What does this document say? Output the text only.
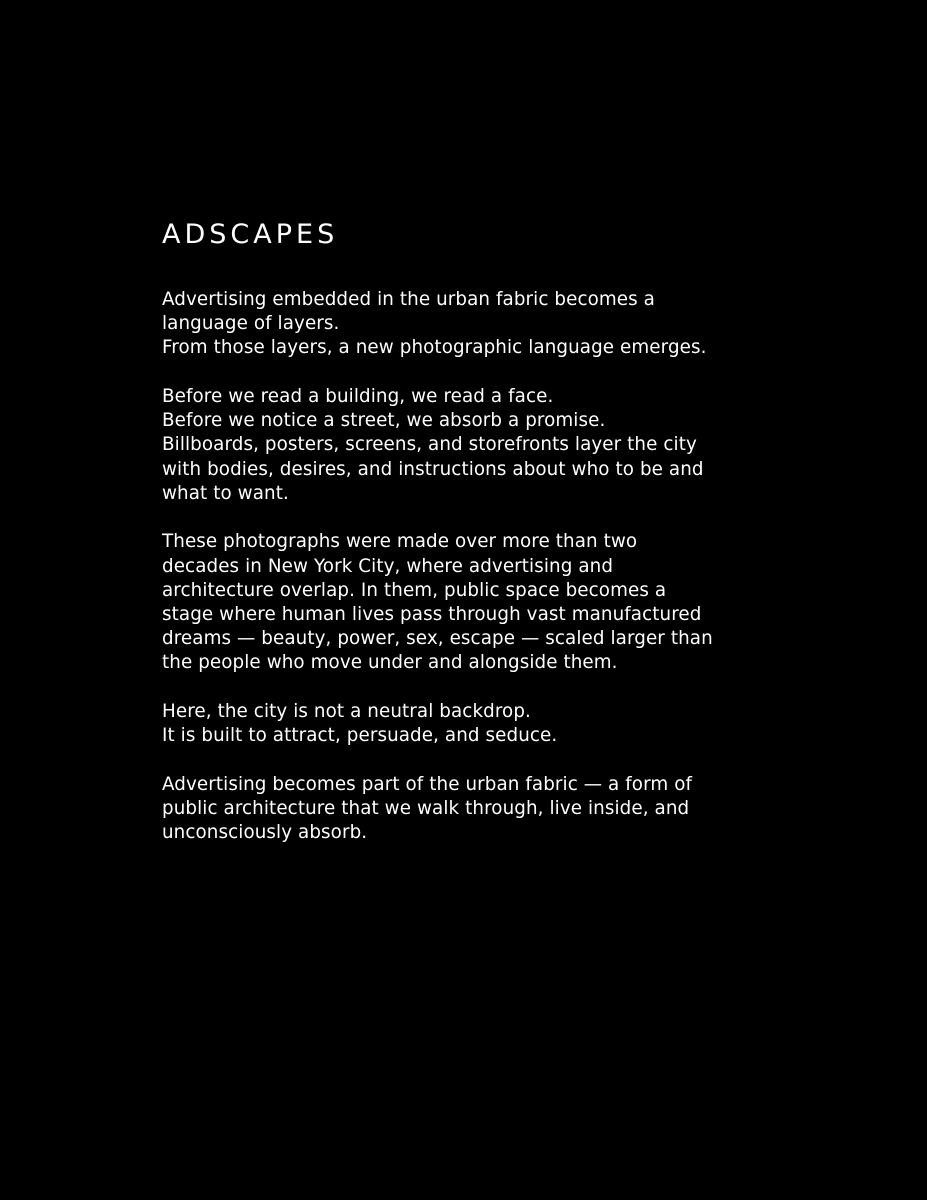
ADSCAPES
Advertising embedded in the urban fabric becomes a
language of layers.
From those layers, a new photographic language emerges.
Before we read a building, we read a face.
Before we notice a street, we absorb a promise.
Billboards, posters, screens, and storefronts layer the city
with bodies, desires, and instructions about who to be and
what to want.
These photographs were made over more than two
decades in New York City, where advertising and
architecture overlap. In them, public space becomes a
stage where human lives pass through vast manufactured
dreams — beauty, power, sex, escape — scaled larger than
the people who move under and alongside them.
Here, the city is not a neutral backdrop.
It is built to attract, persuade, and seduce.
Advertising becomes part of the urban fabric — a form of
public architecture that we walk through, live inside, and
unconsciously absorb.
